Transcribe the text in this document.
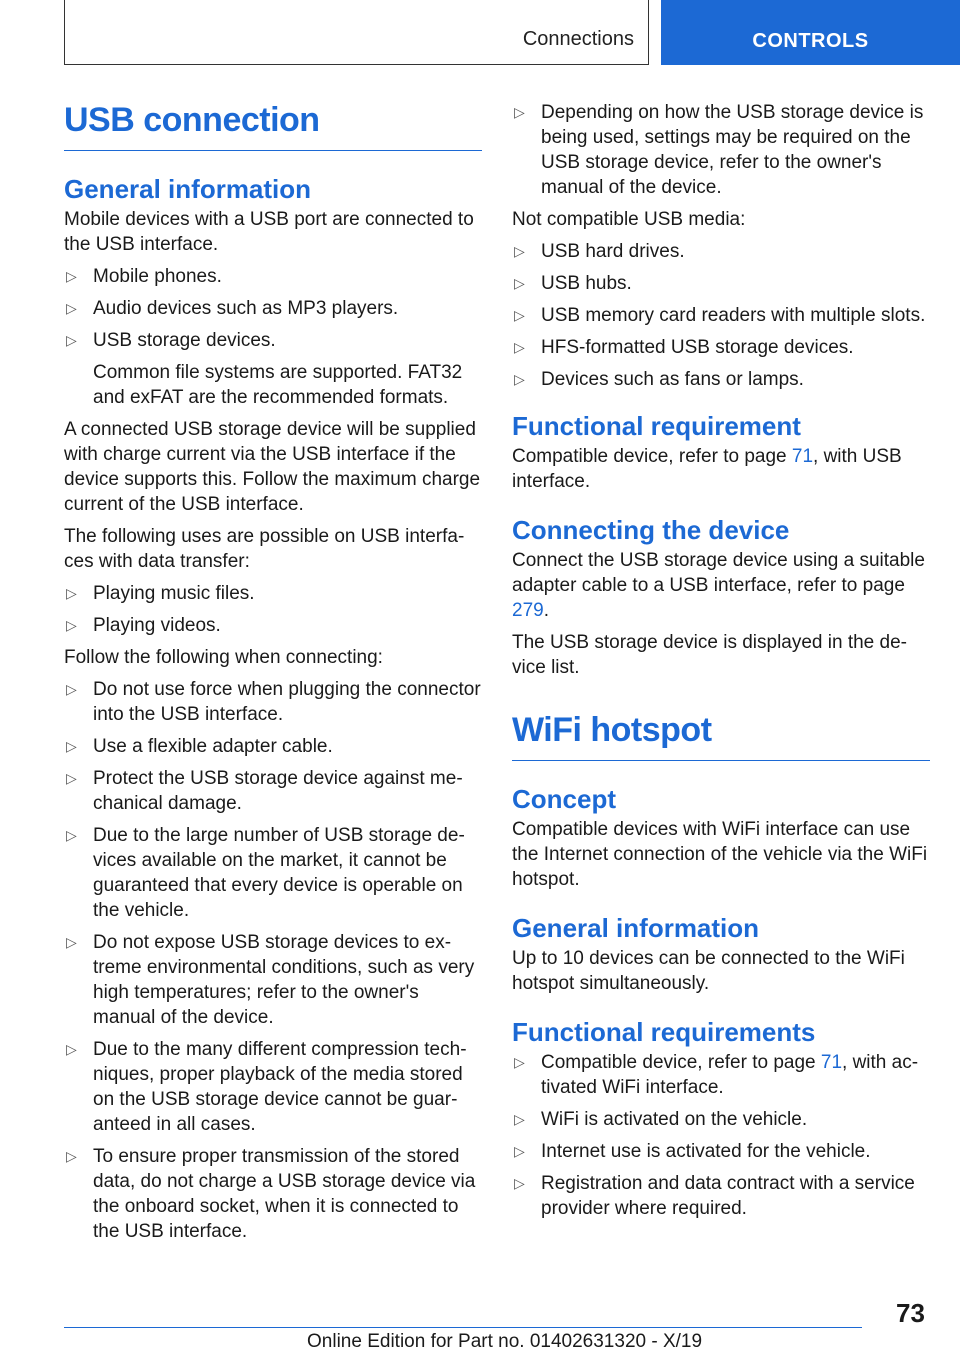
Connections	CONTROLS
USB connection
General information

Mobile devices with a USB port are connected to the USB interface.

▷ Mobile phones.
▷ Audio devices such as MP3 players.
▷ USB storage devices.
Common file systems are supported. FAT32 and exFAT are the recommended formats.

A connected USB storage device will be supplied with charge current via the USB interface if the device supports this. Follow the maximum charge current of the USB interface.

The following uses are possible on USB interfaces with data transfer:

▷ Playing music files.
▷ Playing videos.

Follow the following when connecting:

▷ Do not use force when plugging the connector into the USB interface.
▷ Use a flexible adapter cable.
▷ Protect the USB storage device against mechanical damage.
▷ Due to the large number of USB storage devices available on the market, it cannot be guaranteed that every device is operable on the vehicle.
▷ Do not expose USB storage devices to extreme environmental conditions, such as very high temperatures; refer to the owner's manual of the device.
▷ Due to the many different compression techniques, proper playback of the media stored on the USB storage device cannot be guaranteed in all cases.
▷ To ensure proper transmission of the stored data, do not charge a USB storage device via the onboard socket, when it is connected to the USB interface.
▷ Depending on how the USB storage device is being used, settings may be required on the USB storage device, refer to the owner's manual of the device.

Not compatible USB media:

▷ USB hard drives.
▷ USB hubs.
▷ USB memory card readers with multiple slots.
▷ HFS-formatted USB storage devices.
▷ Devices such as fans or lamps.
Functional requirement

Compatible device, refer to page 71, with USB interface.

Connecting the device

Connect the USB storage device using a suitable adapter cable to a USB interface, refer to page 279.

The USB storage device is displayed in the device list.

WiFi hotspot
Concept

Compatible devices with WiFi interface can use the Internet connection of the vehicle via the WiFi hotspot.

General information

Up to 10 devices can be connected to the WiFi hotspot simultaneously.

Functional requirements
▷ Compatible device, refer to page 71, with activated WiFi interface.
▷ WiFi is activated on the vehicle.
▷ Internet use is activated for the vehicle.
▷ Registration and data contract with a service provider where required.
73
Online Edition for Part no. 01402631320 - X/19
